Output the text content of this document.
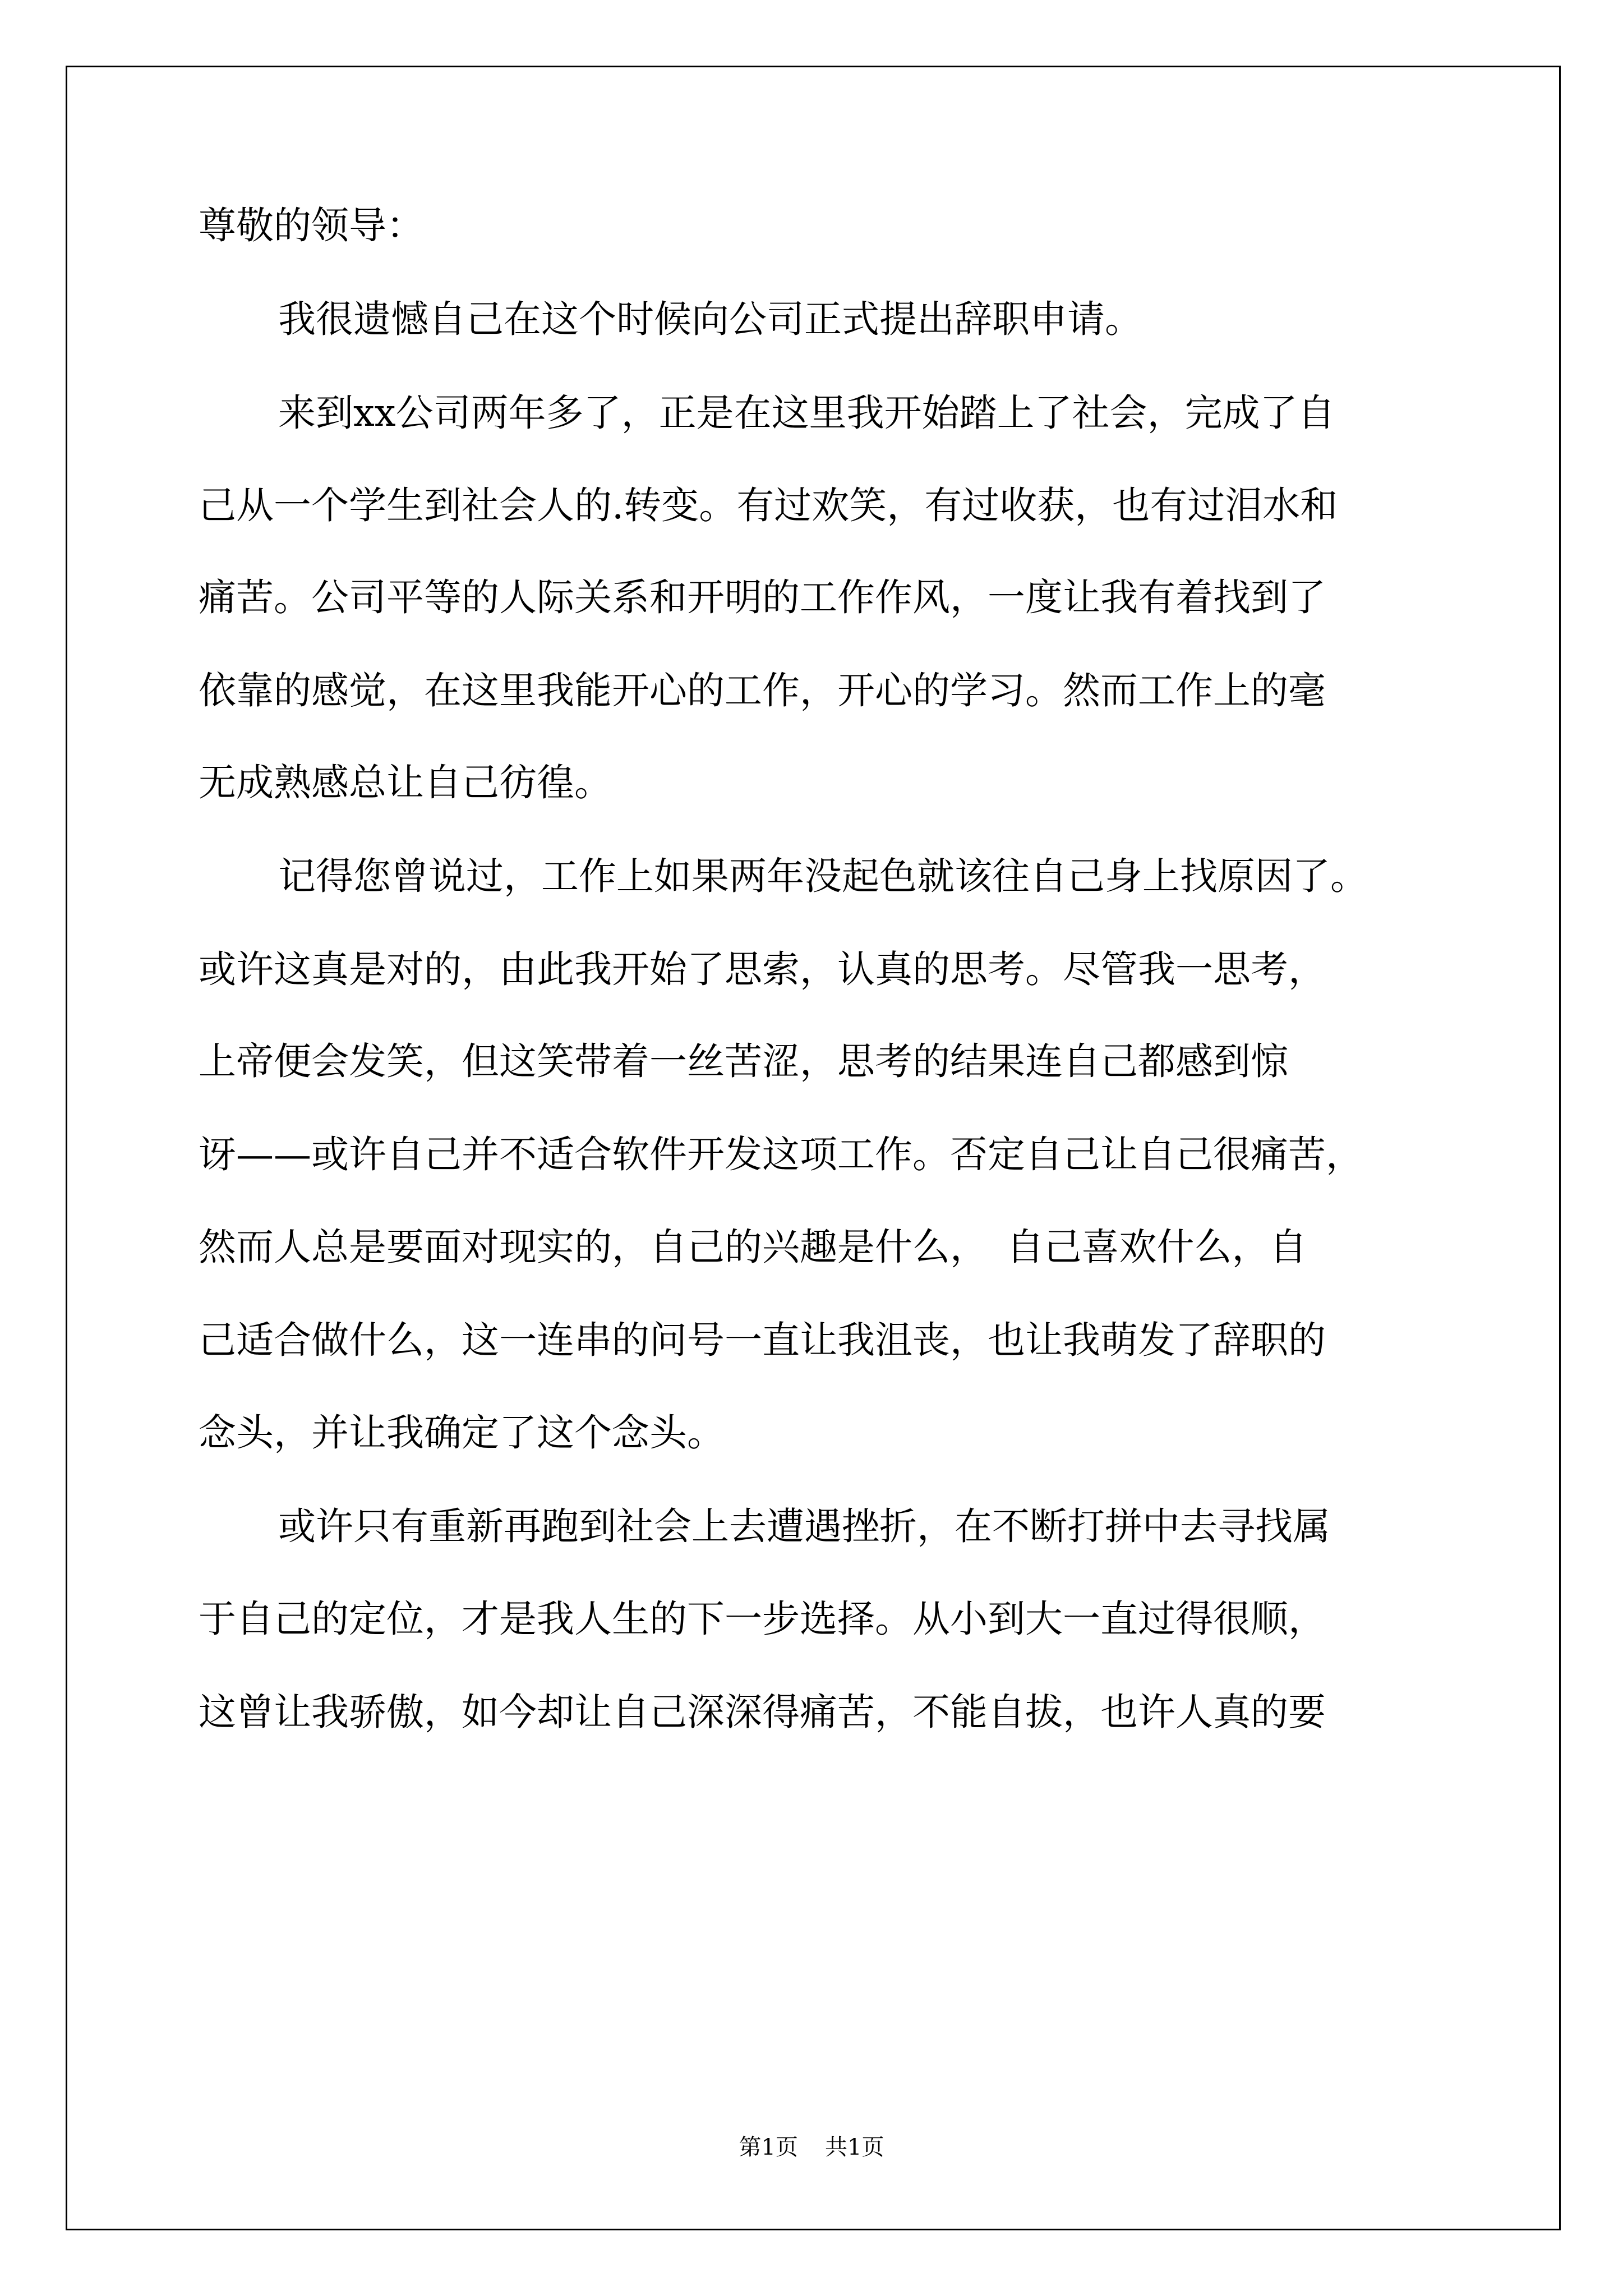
尊敬的领导：
我很遗憾自己在这个时候向公司正式提出辞职申请。
来到xx公司两年多了，正是在这里我开始踏上了社会，完成了自
己从一个学生到社会人的.转变。有过欢笑，有过收获，也有过泪水和
痛苦。公司平等的人际关系和开明的工作作风，一度让我有着找到了
依靠的感觉，在这里我能开心的工作，开心的学习。然而工作上的毫
无成熟感总让自己彷徨。
记得您曾说过，工作上如果两年没起色就该往自己身上找原因了。
或许这真是对的，由此我开始了思索，认真的思考。尽管我一思考，
上帝便会发笑，但这笑带着一丝苦涩，思考的结果连自己都感到惊
讶——或许自己并不适合软件开发这项工作。否定自己让自己很痛苦，
然而人总是要面对现实的，自己的兴趣是什么，　自己喜欢什么，自
己适合做什么，这一连串的问号一直让我沮丧，也让我萌发了辞职的
念头，并让我确定了这个念头。
或许只有重新再跑到社会上去遭遇挫折，在不断打拼中去寻找属
于自己的定位，才是我人生的下一步选择。从小到大一直过得很顺，
这曾让我骄傲，如今却让自己深深得痛苦，不能自拔，也许人真的要
第1页 共1页
